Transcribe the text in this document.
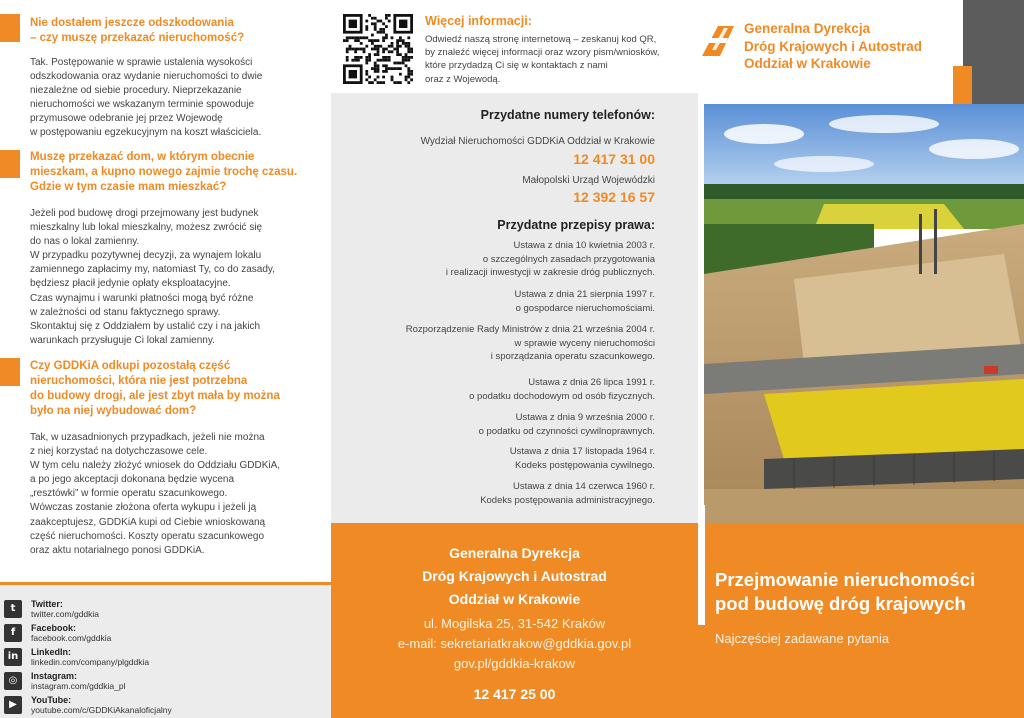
Nie dostałem jeszcze odszkodowania
– czy muszę przekazać nieruchomość?

Tak. Postępowanie w sprawie ustalenia wysokości
odszkodowania oraz wydanie nieruchomości to dwie
niezależne od siebie procedury. Nieprzekazanie
nieruchomości we wskazanym terminie spowoduje
przymusowe odebranie jej przez Wojewodę
w postępowaniu egzekucyjnym na koszt właściciela.

Muszę przekazać dom, w którym obecnie
mieszkam, a kupno nowego zajmie trochę czasu.
Gdzie w tym czasie mam mieszkać?

Jeżeli pod budowę drogi przejmowany jest budynek
mieszkalny lub lokal mieszkalny, możesz zwrócić się
do nas o lokal zamienny.
W przypadku pozytywnej decyzji, za wynajem lokalu
zamiennego zapłacimy my, natomiast Ty, co do zasady,
będziesz płacił jedynie opłaty eksploatacyjne.
Czas wynajmu i warunki płatności mogą być różne
w zależności od stanu faktycznego sprawy.
Skontaktuj się z Oddziałem by ustalić czy i na jakich
warunkach przysługuje Ci lokal zamienny.

Czy GDDKiA odkupi pozostałą część
nieruchomości, która nie jest potrzebna
do budowy drogi, ale jest zbyt mała by można
było na niej wybudować dom?

Tak, w uzasadnionych przypadkach, jeżeli nie można
z niej korzystać na dotychczasowe cele.
W tym celu należy złożyć wniosek do Oddziału GDDKiA,
a po jego akceptacji dokonana będzie wycena
„resztówki” w formie operatu szacunkowego.
Wówczas zostanie złożona oferta wykupu i jeżeli ją
zaakceptujesz, GDDKiA kupi od Ciebie wnioskowaną
część nieruchomości. Koszty operatu szacunkowego
oraz aktu notarialnego ponosi GDDKiA.

t	Twitter:
twitter.com/gddkia
f	Facebook:
facebook.com/gddkia
in	LinkedIn:
linkedin.com/company/plgddkia
◎	Instagram:
instagram.com/gddkia_pl
▶	YouTube:
youtube.com/c/GDDKiAkanaloficjalny
Więcej informacji:
Odwiedź naszą stronę internetową – zeskanuj kod QR,
by znaleźć więcej informacji oraz wzory pism/wniosków,
które przydadzą Ci się w kontaktach z nami
oraz z Wojewodą.
Przydatne numery telefonów:
Wydział Nieruchomości GDDKiA Oddział w Krakowie
12 417 31 00
Małopolski Urząd Wojewódzki
12 392 16 57
Przydatne przepisy prawa:
Ustawa z dnia 10 kwietnia 2003 r.
o szczególnych zasadach przygotowania
i realizacji inwestycji w zakresie dróg publicznych.
Ustawa z dnia 21 sierpnia 1997 r.
o gospodarce nieruchomościami.
Rozporządzenie Rady Ministrów z dnia 21 września 2004 r.
w sprawie wyceny nieruchomości
i sporządzania operatu szacunkowego.
Ustawa z dnia 26 lipca 1991 r.
o podatku dochodowym od osób fizycznych.
Ustawa z dnia 9 września 2000 r.
o podatku od czynności cywilnoprawnych.
Ustawa z dnia 17 listopada 1964 r.
Kodeks postępowania cywilnego.
Ustawa z dnia 14 czerwca 1960 r.
Kodeks postępowania administracyjnego.
Generalna Dyrekcja
Dróg Krajowych i Autostrad
Oddział w Krakowie
ul. Mogilska 25, 31-542 Kraków
e-mail: sekretariatkrakow@gddkia.gov.pl
gov.pl/gddkia-krakow
12 417 25 00

Generalna Dyrekcja

Dróg Krajowych i Autostrad

Oddział w Krakowie

Przejmowanie nieruchomości

pod budowę dróg krajowych

Najczęściej zadawane pytania
